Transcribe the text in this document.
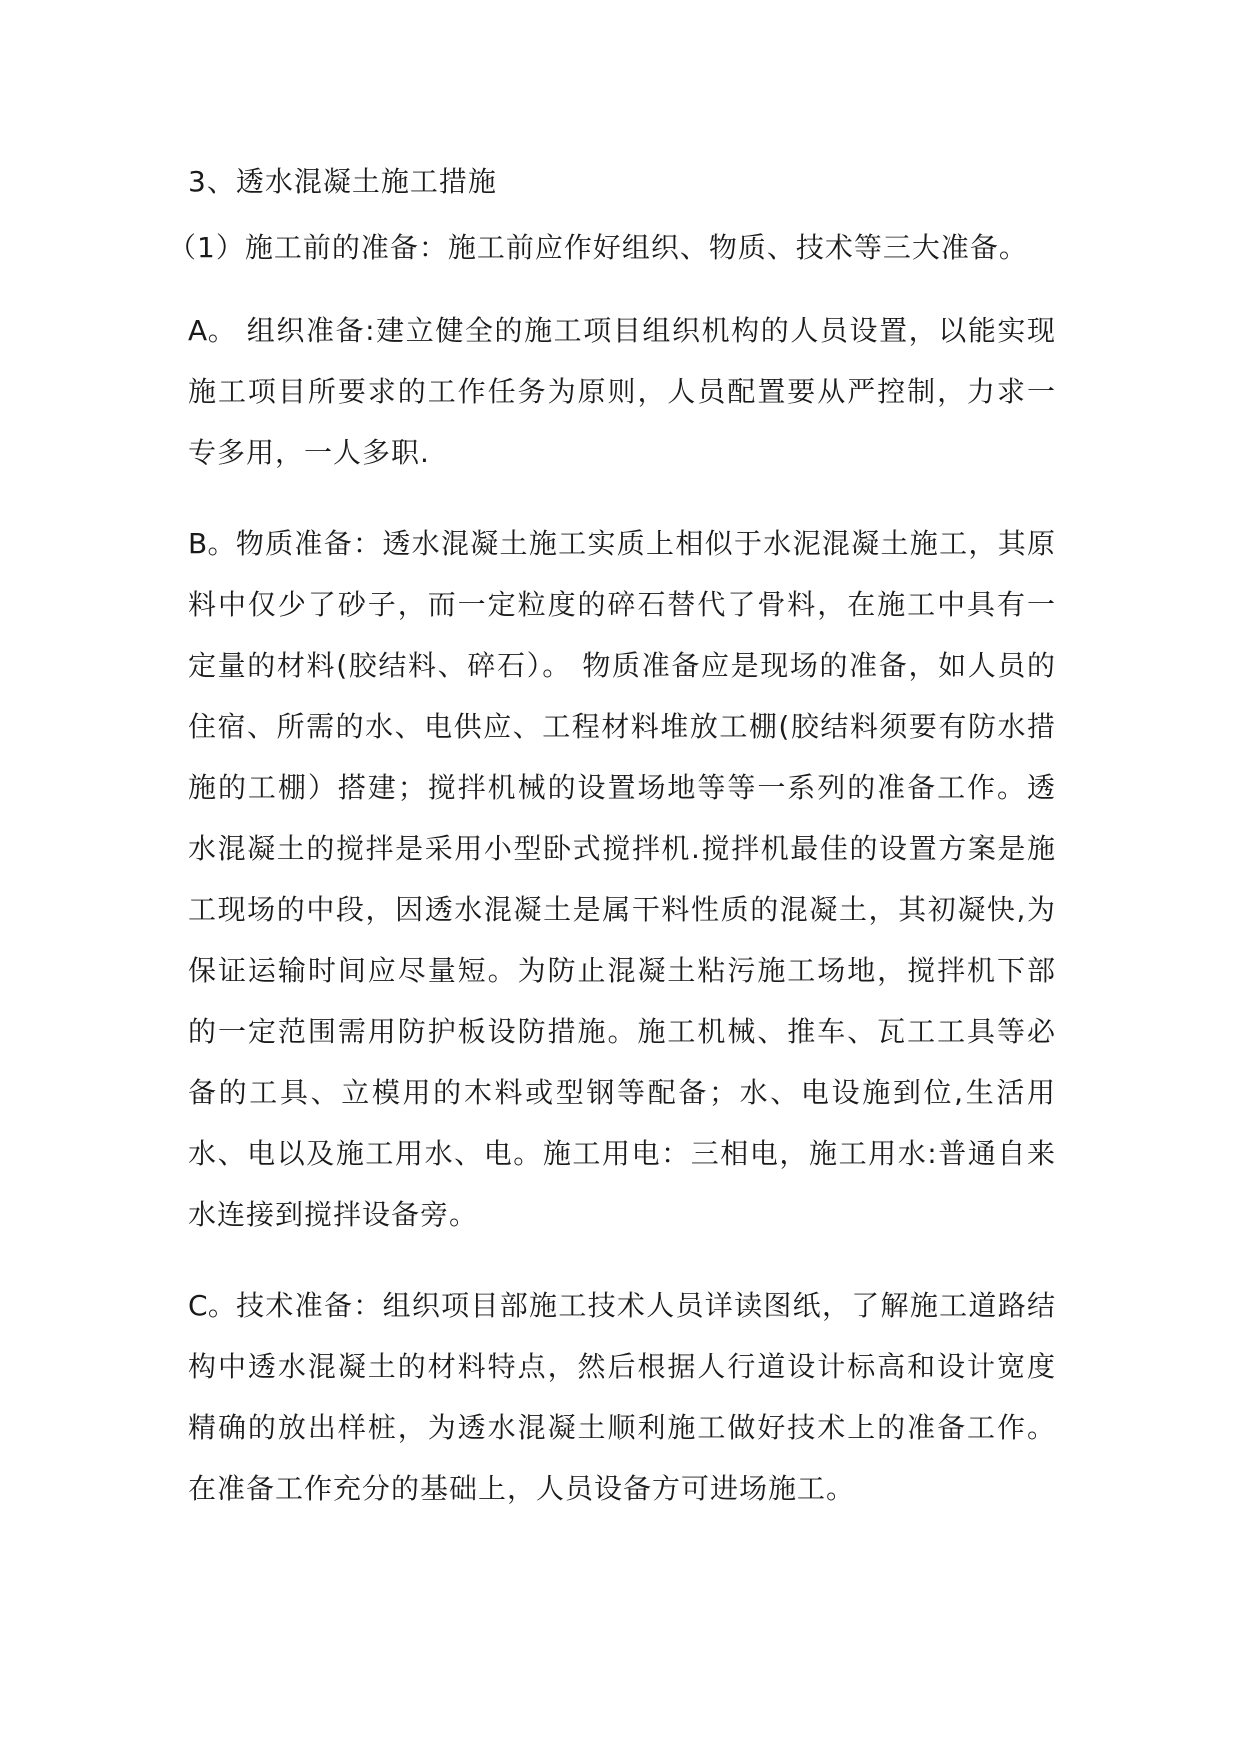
3、透水混凝土施工措施
（1）施工前的准备：施工前应作好组织、物质、技术等三大准备。

A。 组织准备:建立健全的施工项目组织机构的人员设置，以能实现施工项目所要求的工作任务为原则，人员配置要从严控制，力求一专多用，一人多职.

B。物质准备：透水混凝土施工实质上相似于水泥混凝土施工，其原料中仅少了砂子，而一定粒度的碎石替代了骨料，在施工中具有一定量的材料(胶结料、碎石）。 物质准备应是现场的准备，如人员的住宿、所需的水、电供应、工程材料堆放工棚(胶结料须要有防水措施的工棚）搭建；搅拌机械的设置场地等等一系列的准备工作。透水混凝土的搅拌是采用小型卧式搅拌机.搅拌机最佳的设置方案是施工现场的中段，因透水混凝土是属干料性质的混凝土，其初凝快,为保证运输时间应尽量短。为防止混凝土粘污施工场地，搅拌机下部的一定范围需用防护板设防措施。施工机械、推车、瓦工工具等必备的工具、立模用的木料或型钢等配备；水、电设施到位,生活用水、电以及施工用水、电。施工用电：三相电，施工用水:普通自来水连接到搅拌设备旁。

C。技术准备：组织项目部施工技术人员详读图纸，了解施工道路结构中透水混凝土的材料特点，然后根据人行道设计标高和设计宽度精确的放出样桩，为透水混凝土顺利施工做好技术上的准备工作。在准备工作充分的基础上，人员设备方可进场施工。
